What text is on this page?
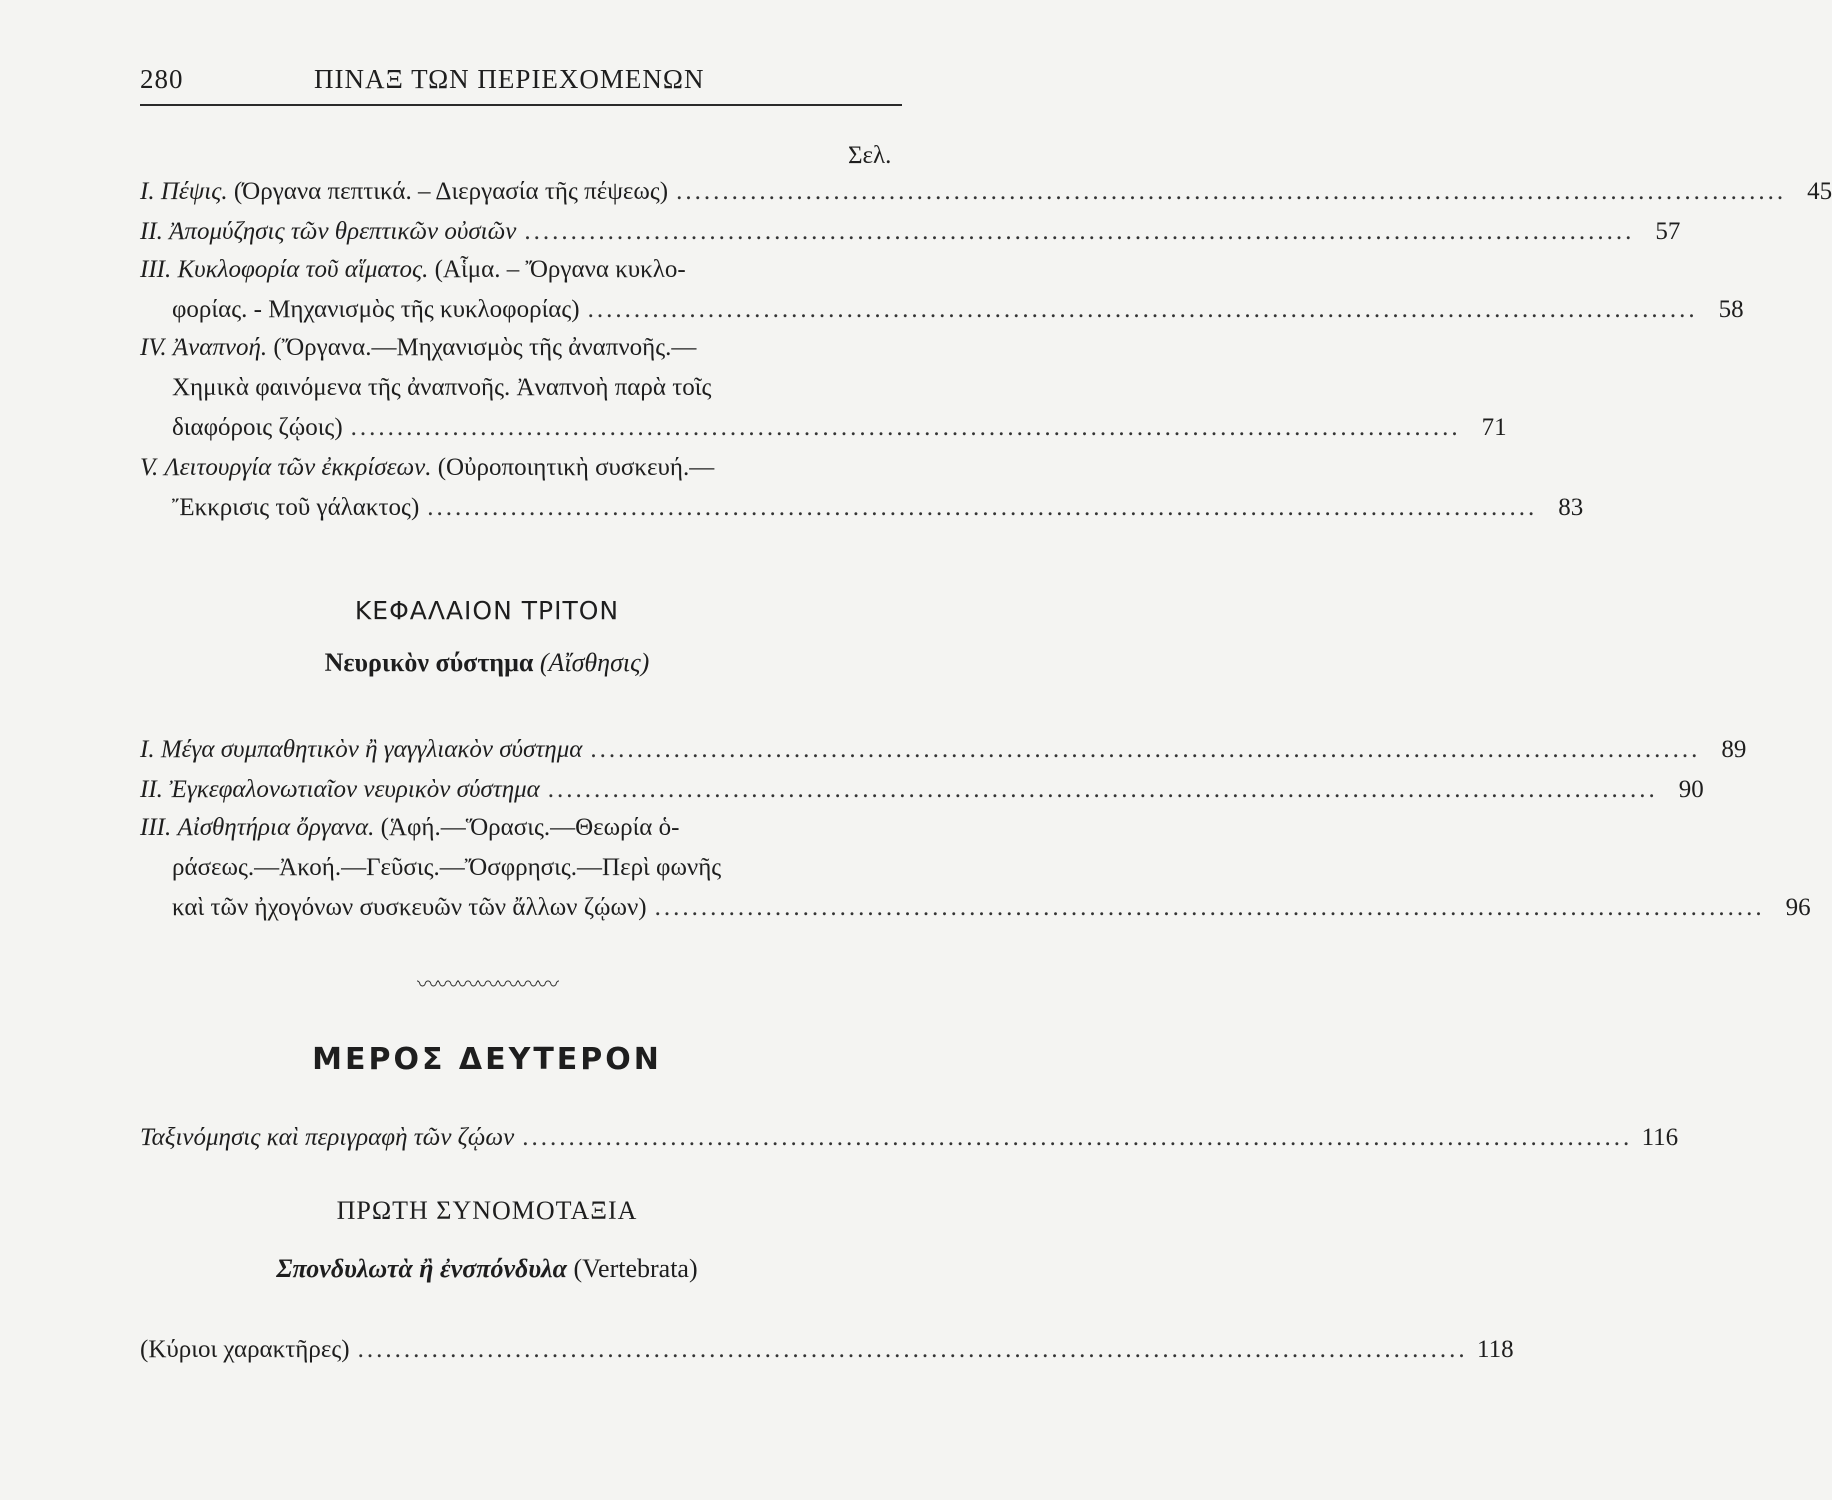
280	ΠΙΝΑΞ ΤΩΝ ΠΕΡΙΕΧΟΜΕΝΩΝ
Σελ.
I. Πέψις.
(Όργανα πεπτικά. – Διεργασία τῆς πέψεως) ........................................................................................................................ 45
II. Ἀπομύζησις τῶν θρεπτικῶν οὐσιῶν ........................................................................................................................ 57
III. Κυκλοφορία τοῦ αἵματος.
(Αἷμα. – Ὄργανα κυκλο-
φορίας. - Μηχανισμὸς τῆς κυκλοφορίας) ........................................................................................................................ 58
IV. Ἀναπνοή.
(Ὄργανα.—Μηχανισμὸς τῆς ἀναπνοῆς.—
Χημικὰ φαινόμενα τῆς ἀναπνοῆς. Ἀναπνοὴ παρὰ τοῖς
διαφόροις ζῴοις) ........................................................................................................................ 71
V. Λειτουργία τῶν ἐκκρίσεων.
(Οὐροποιητικὴ συσκευή.—
Ἔκκρισις τοῦ γάλακτος) ........................................................................................................................ 83
ΚΕΦΑΛΑΙΟΝ ΤΡΙΤΟΝ
Νευρικὸν σύστημα (Αἴσθησις)
I. Μέγα συμπαθητικὸν ἢ γαγγλιακὸν σύστημα ........................................................................................................................ 89
II. Ἐγκεφαλονωτιαῖον νευρικὸν σύστημα ........................................................................................................................ 90
III. Αἰσθητήρια ὄργανα.
(Ἁφή.—Ὅρασις.—Θεωρία ὁ-
ράσεως.—Ἀκοή.—Γεῦσις.—Ὄσφρησις.—Περὶ φωνῆς
καὶ τῶν ἠχογόνων συσκευῶν τῶν ἄλλων ζῴων) ........................................................................................................................ 96
〰〰〰〰〰〰〰
ΜΕΡΟΣ ΔΕΥΤΕΡΟΝ
Ταξινόμησις καὶ περιγραφὴ τῶν ζῴων ........................................................................................................................ 116
ΠΡΩΤΗ ΣΥΝΟΜΟΤΑΞΙΑ
Σπονδυλωτὰ ἢ ἐνσπόνδυλα (Vertebrata)
(Κύριοι χαρακτῆρες) ........................................................................................................................ 118
